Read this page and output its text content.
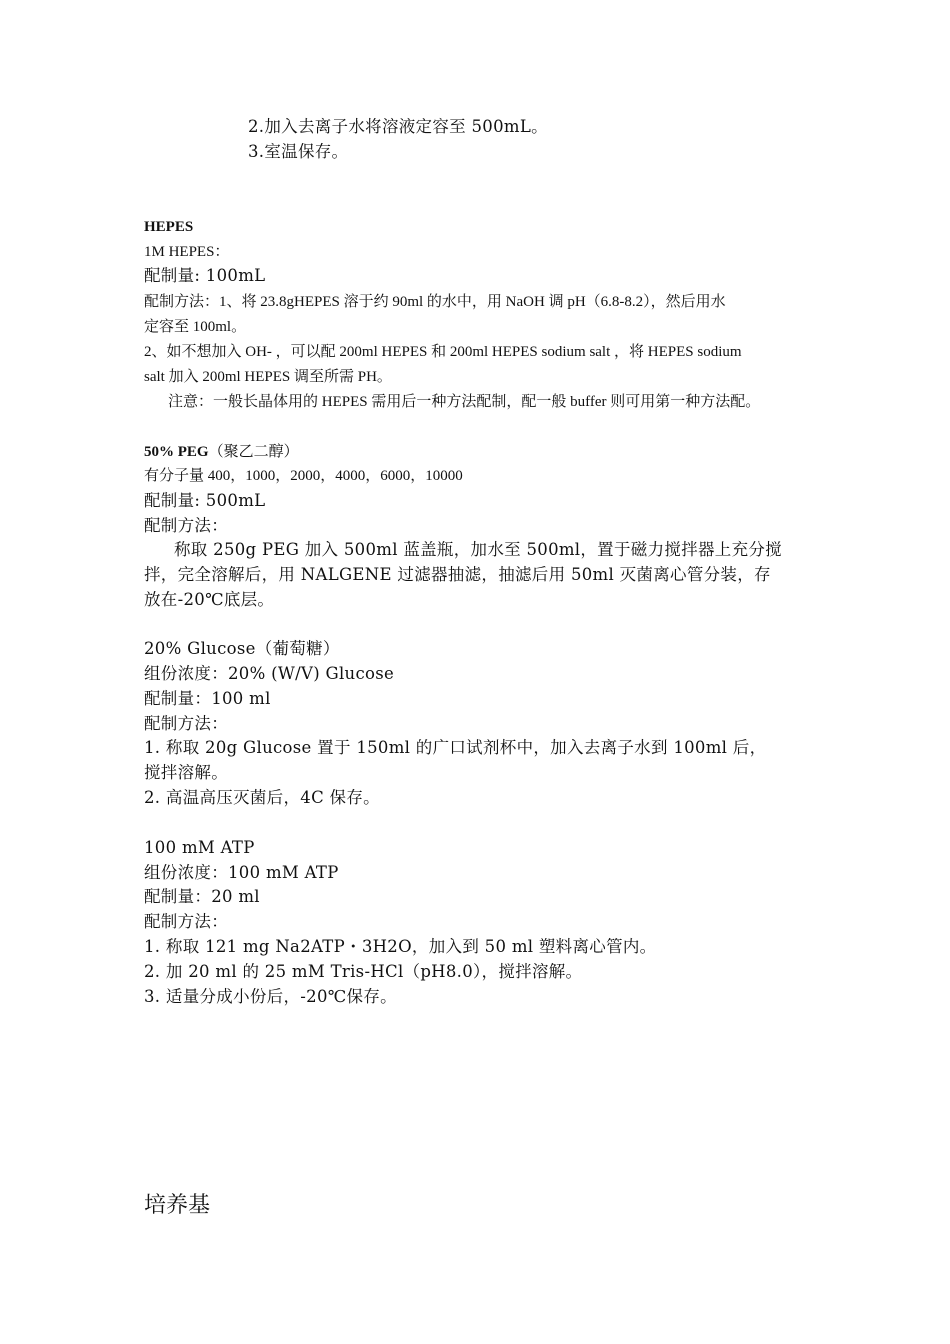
2.加入去离子水将溶液定容至 500mL。
3.室温保存。
HEPES
1M HEPES：
配制量: 100mL
配制方法：1、将 23.8gHEPES 溶于约 90ml 的水中，用 NaOH 调 pH（6.8-8.2），然后用水
定容至 100ml。
2、如不想加入 OH- ，可以配 200ml HEPES 和 200ml HEPES sodium salt ，将 HEPES sodium
salt 加入 200ml HEPES 调至所需 PH。
注意：一般长晶体用的 HEPES 需用后一种方法配制，配一般 buffer 则可用第一种方法配。
50% PEG（聚乙二醇）
有分子量 400，1000，2000，4000，6000，10000
配制量: 500mL
配制方法：
称取 250g PEG 加入 500ml 蓝盖瓶，加水至 500ml，置于磁力搅拌器上充分搅
拌，完全溶解后，用 NALGENE 过滤器抽滤，抽滤后用 50ml 灭菌离心管分装，存
放在-20℃底层。
20% Glucose（葡萄糖）
组份浓度：20% (W/V) Glucose
配制量：100 ml
配制方法：
1. 称取 20g Glucose 置于 150ml 的广口试剂杯中，加入去离子水到 100ml 后，
搅拌溶解。
2. 高温高压灭菌后，4C 保存。
100 mM ATP
组份浓度：100 mM ATP
配制量：20 ml
配制方法：
1. 称取 121 mg Na2ATP・3H2O，加入到 50 ml 塑料离心管内。
2. 加 20 ml 的 25 mM Tris-HCl（pH8.0），搅拌溶解。
3. 适量分成小份后，-20℃保存。
培养基
